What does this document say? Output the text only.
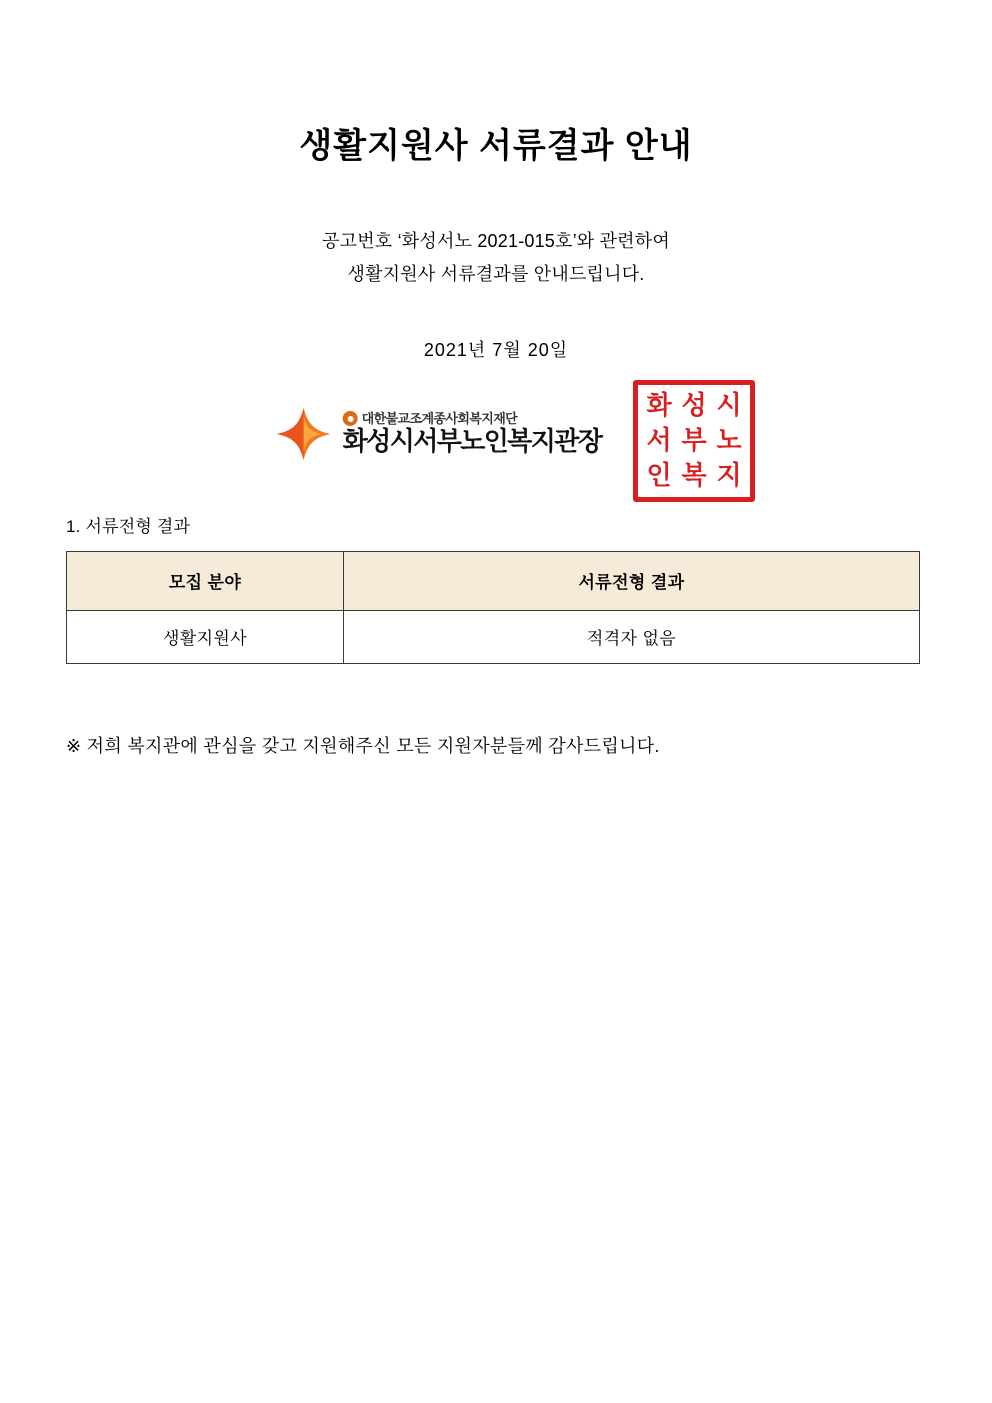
생활지원사 서류결과 안내
공고번호 ‘화성서노 2021-015호’와 관련하여
생활지원사 서류결과를 안내드립니다.
2021년 7월 20일
대한불교조계종사회복지재단
화성시서부노인복지관장
화 성 시
서 부 노
인 복 지
1. 서류전형 결과
모집 분야	서류전형 결과
생활지원사	적격자 없음
※ 저희 복지관에 관심을 갖고 지원해주신 모든 지원자분들께 감사드립니다.
